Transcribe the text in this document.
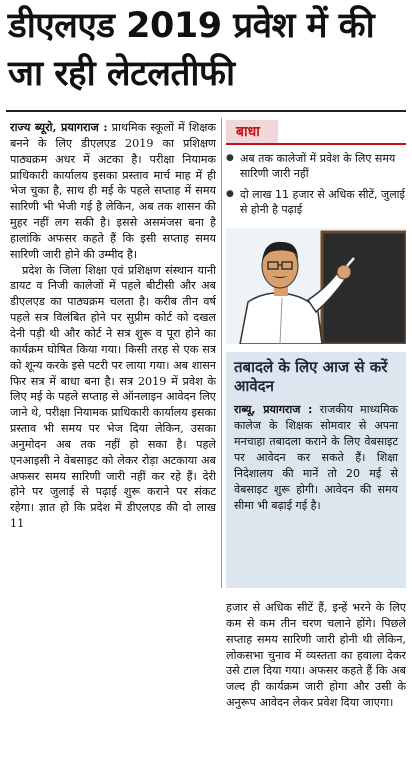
डीएलएड 2019 प्रवेश में की जा रही लेटलतीफी

राज्य ब्यूरो, प्रयागराज : प्राथमिक स्कूलों में शिक्षक बनने के लिए डीएलएड 2019 का प्रशिक्षण पाठ्यक्रम अधर में अटका है। परीक्षा नियामक प्राधिकारी कार्यालय इसका प्रस्ताव मार्च माह में ही भेज चुका है, साथ ही मई के पहले सप्ताह में समय सारिणी भी भेजी गई है लेकिन, अब तक शासन की मुहर नहीं लग सकी है। इससे असमंजस बना है हालांकि अफसर कहते हैं कि इसी सप्ताह समय सारिणी जारी होने की उम्मीद है।

प्रदेश के जिला शिक्षा एवं प्रशिक्षण संस्थान यानी डायट व निजी कालेजों में पहले बीटीसी और अब डीएलएड का पाठ्यक्रम चलता है। करीब तीन वर्ष पहले सत्र विलंबित होने पर सुप्रीम कोर्ट को दखल देनी पड़ी थी और कोर्ट ने सत्र शुरू व पूरा होने का कार्यक्रम घोषित किया गया। किसी तरह से एक सत्र को शून्य करके इसे पटरी पर लाया गया। अब शासन फिर सत्र में बाधा बना है। सत्र 2019 में प्रवेश के लिए मई के पहले सप्ताह से ऑनलाइन आवेदन लिए जाने थे, परीक्षा नियामक प्राधिकारी कार्यालय इसका प्रस्ताव भी समय पर भेज दिया लेकिन, उसका अनुमोदन अब तक नहीं हो सका है। पहले एनआइसी ने वेबसाइट को लेकर रोड़ा अटकाया अब अफसर समय सारिणी जारी नहीं कर रहे हैं। देरी होने पर जुलाई से पढ़ाई शुरू कराने पर संकट रहेगा। ज्ञात हो कि प्रदेश में डीएलएड की दो लाख 11

बाधा
● अब तक कालेजों में प्रवेश के लिए समय सारिणी जारी नहीं
● दो लाख 11 हजार से अधिक सीटें, जुलाई से होनी है पढ़ाई
तबादले के लिए आज से करें आवेदन
राब्यू, प्रयागराज : राजकीय माध्यमिक कालेज के शिक्षक सोमवार से अपना मनचाहा तबादला कराने के लिए वेबसाइट पर आवेदन कर सकते हैं। शिक्षा निदेशालय की मानें तो 20 मई से वेबसाइट शुरू होगी। आवेदन की समय सीमा भी बढ़ाई गई है।

हजार से अधिक सीटें हैं, इन्हें भरने के लिए कम से कम तीन चरण चलाने होंगे। पिछले सप्ताह समय सारिणी जारी होनी थी लेकिन, लोकसभा चुनाव में व्यस्तता का हवाला देकर उसे टाल दिया गया। अफसर कहते हैं कि अब जल्द ही कार्यक्रम जारी होगा और उसी के अनुरूप आवेदन लेकर प्रवेश दिया जाएगा।
